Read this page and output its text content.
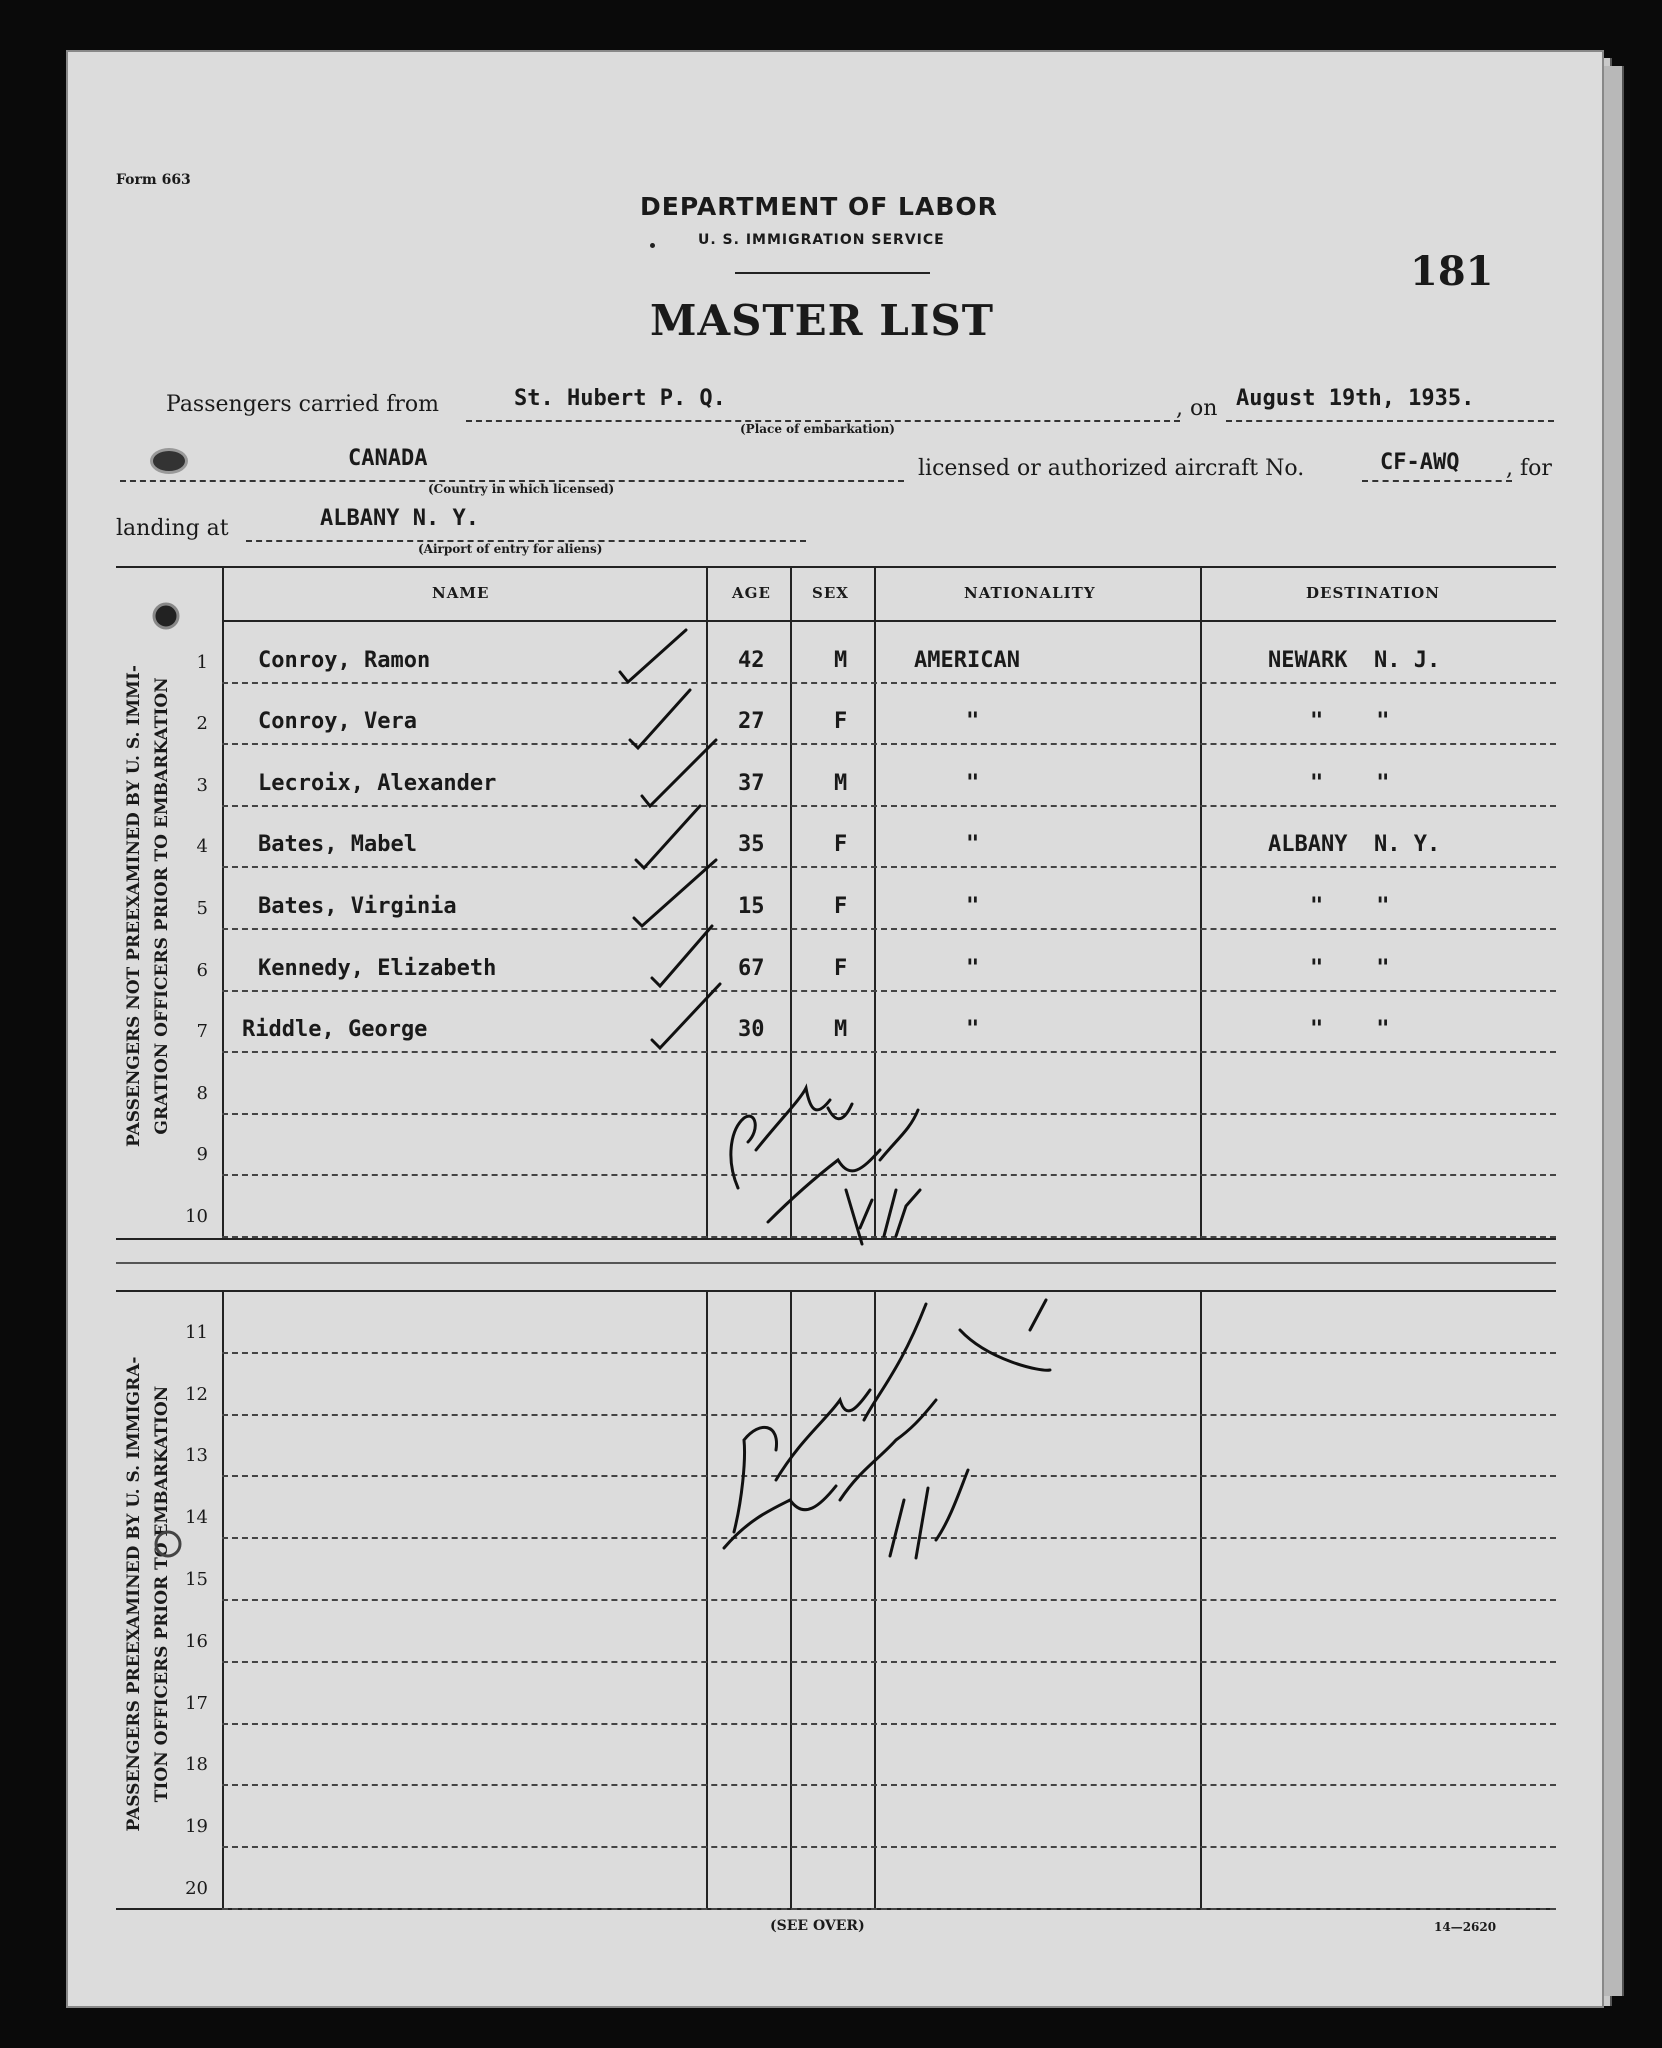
Form 663
DEPARTMENT OF LABOR
U. S. IMMIGRATION SERVICE
MASTER LIST
181
Passengers carried from	St. Hubert P. Q.
(Place of embarkation)
, on August 19th, 1935.
CANADA
(Country in which licensed)
licensed or authorized aircraft No.	CF-AWQ , for
landing at	ALBANY N. Y.
(Airport of entry for aliens)
NAME	AGE	SEX	NATIONALITY	DESTINATION
1 Conroy, Ramon	42	M	AMERICAN	NEWARK  N. J.
2 Conroy, Vera	27	F	"	"    "
3 Lecroix, Alexander	37	M	"	"    "
4 Bates, Mabel	35	F	"	ALBANY  N. Y.
5 Bates, Virginia	15	F	"	"    "
6 Kennedy, Elizabeth	67	F	"	"    "
7 Riddle, George	30	M	"	"    "
8
9
10
11
12
13
14
15
16
17
18
19
20
PASSENGERS NOT PREEXAMINED BY U. S. IMMI- GRATION OFFICERS PRIOR TO EMBARKATION
PASSENGERS PREEXAMINED BY U. S. IMMIGRA- TION OFFICERS PRIOR TO EMBARKATION
(SEE OVER)	14—2620
